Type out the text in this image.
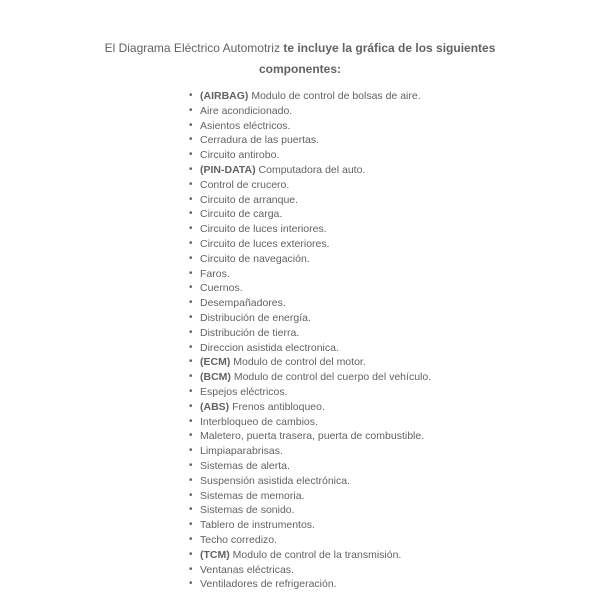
El Diagrama Eléctrico Automotriz te incluye la gráfica de los siguientes componentes:
• (AIRBAG) Modulo de control de bolsas de aire.
• Aire acondicionado.
• Asientos eléctricos.
• Cerradura de las puertas.
• Circuito antirobo.
• (PIN-DATA) Computadora del auto.
• Control de crucero.
• Circuito de arranque.
• Circuito de carga.
• Circuito de luces interiores.
• Circuito de luces exteriores.
• Circuito de navegación.
• Faros.
• Cuernos.
• Desempañadores.
• Distribución de energía.
• Distribución de tierra.
• Direccion asistida electronica.
• (ECM) Modulo de control del motor.
• (BCM) Modulo de control del cuerpo del vehículo.
• Espejos eléctricos.
• (ABS) Frenos antibloqueo.
• Interbloqueo de cambios.
• Maletero, puerta trasera, puerta de combustible.
• Limpiaparabrisas.
• Sistemas de alerta.
• Suspensión asistida electrónica.
• Sistemas de memoria.
• Sistemas de sonido.
• Tablero de instrumentos.
• Techo corredizo.
• (TCM) Modulo de control de la transmisión.
• Ventanas eléctricas.
• Ventiladores de refrigeración.
